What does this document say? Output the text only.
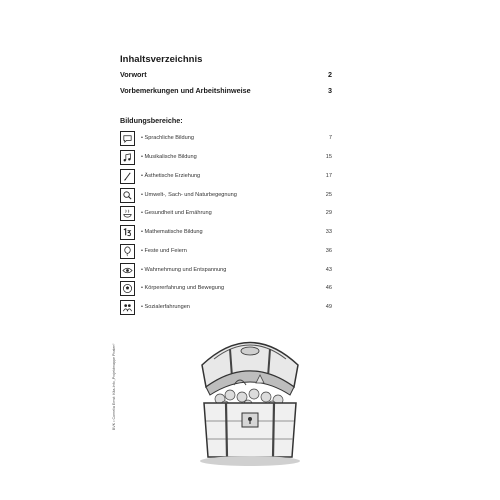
Inhaltsverzeichnis
Vorwort	2
Vorbemerkungen und Arbeitshinweise	3
Bildungsbereiche:
• Sprachliche Bildung	7
• Musikalische Bildung	15
• Ästhetische Erziehung	17
• Umwelt-, Sach- und Naturbegegnung	25
• Gesundheit und Ernährung	29
• Mathematische Bildung	33
• Feste und Feiern	36
• Wahrnehmung und Entspannung	43
• Körpererfahrung und Bewegung	46
• Sozialerfahrungen	49
BVK • Cornelia Ernst: Kita-Info „Projektmappe Piraten“
